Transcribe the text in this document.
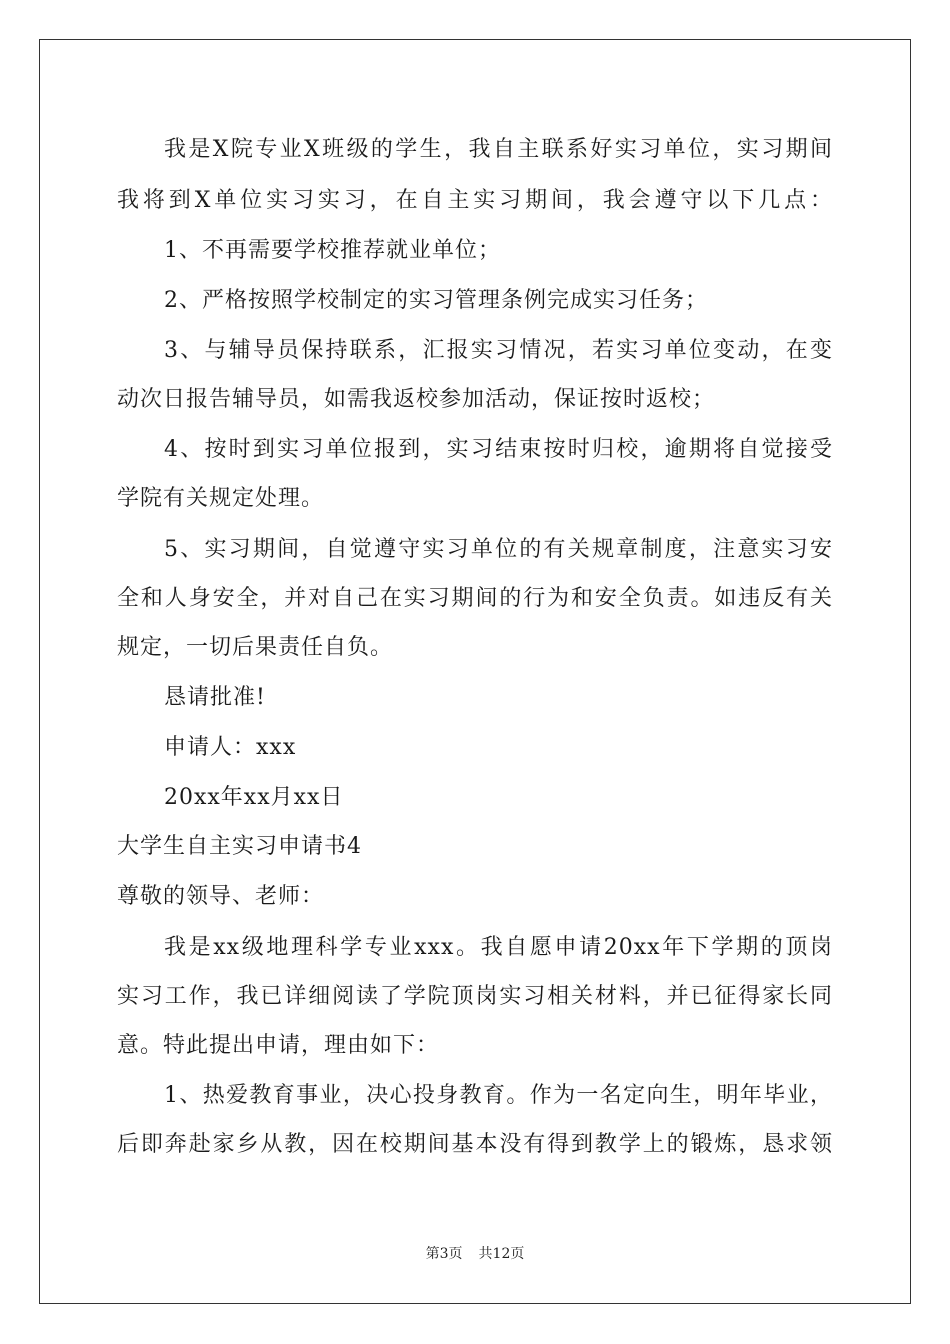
我是X院专业X班级的学生，我自主联系好实习单位，实习期间
我将到X单位实习实习，在自主实习期间，我会遵守以下几点：
1、不再需要学校推荐就业单位；
2、严格按照学校制定的实习管理条例完成实习任务；
3、与辅导员保持联系，汇报实习情况，若实习单位变动，在变
动次日报告辅导员，如需我返校参加活动，保证按时返校；
4、按时到实习单位报到，实习结束按时归校，逾期将自觉接受
学院有关规定处理。
5、实习期间，自觉遵守实习单位的有关规章制度，注意实习安
全和人身安全，并对自己在实习期间的行为和安全负责。如违反有关
规定，一切后果责任自负。
恳请批准!
申请人：xxx
20xx年xx月xx日
大学生自主实习申请书4
尊敬的领导、老师：
我是xx级地理科学专业xxx。我自愿申请20xx年下学期的顶岗
实习工作，我已详细阅读了学院顶岗实习相关材料，并已征得家长同
意。特此提出申请，理由如下：
1、热爱教育事业，决心投身教育。作为一名定向生，明年毕业，
后即奔赴家乡从教，因在校期间基本没有得到教学上的锻炼，恳求领
第3页 共12页
